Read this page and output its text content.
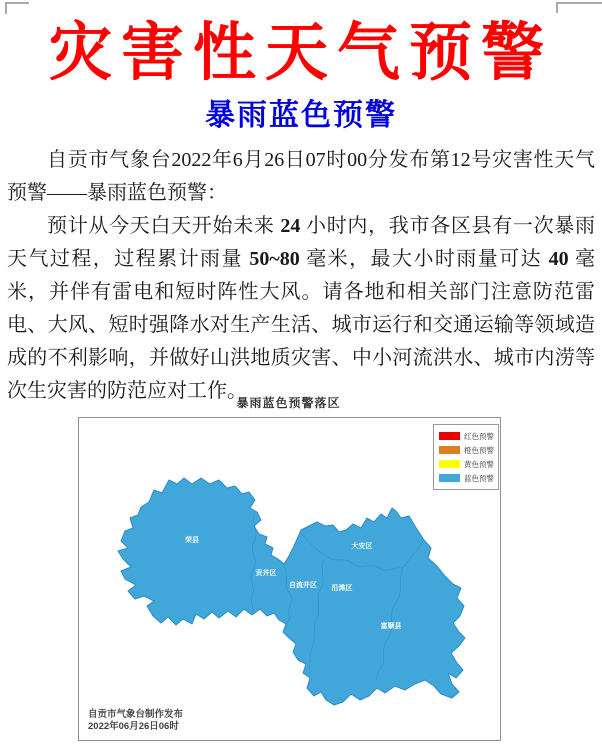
灾害性天气预警
暴雨蓝色预警

自贡市气象台2022年6月26日07时00分发布第12号灾害性天气预警——暴雨蓝色预警：

预计从今天白天开始未来 24 小时内，我市各区县有一次暴雨天气过程，过程累计雨量 50~80 毫米，最大小时雨量可达 40 毫米，并伴有雷电和短时阵性大风。请各地和相关部门注意防范雷电、大风、短时强降水对生产生活、城市运行和交通运输等领域造成的不利影响，并做好山洪地质灾害、中小河流洪水、城市内涝等次生灾害的防范应对工作。

暴雨蓝色预警落区
荣县
贡井区
自流井区
大安区
沿滩区
富顺县
红色预警
橙色预警
黄色预警
蓝色预警
自贡市气象台制作发布
2022年06月26日06时
